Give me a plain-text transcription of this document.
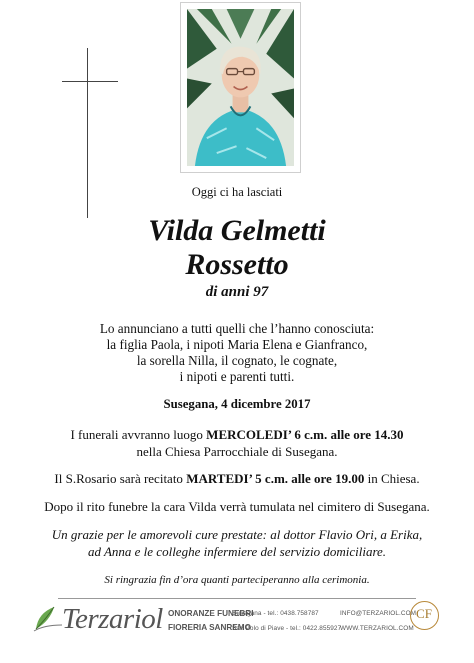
Oggi ci ha lasciati
Vilda Gelmetti
Rossetto
di anni 97
Lo annunciano a tutti quelli che l’hanno conosciuta:
la figlia Paola, i nipoti Maria Elena e Gianfranco,
la sorella Nilla, il cognato, le cognate,
i nipoti e parenti tutti.
Susegana, 4 dicembre 2017
I funerali avvranno luogo MERCOLEDI’ 6 c.m. alle ore 14.30
nella Chiesa Parrocchiale di Susegana.
Il S.Rosario sarà recitato MARTEDI’ 5 c.m. alle ore 19.00 in Chiesa.
Dopo il rito funebre la cara Vilda verrà tumulata nel cimitero di Susegana.
Un grazie per le amorevoli cure prestate: al dottor Flavio Ori, a Erika,
ad Anna e le colleghe infermiere del servizio domiciliare.
Si ringrazia fin d’ora quanti parteciperanno alla cerimonia.
Terzariol ONORANZE FUNEBRI
FIORERIA SANREMO
Susegana - tel.: 0438.758787
San Polo di Piave - tel.: 0422.855927
INFO@TERZARIOL.COM
WWW.TERZARIOL.COM
CF
